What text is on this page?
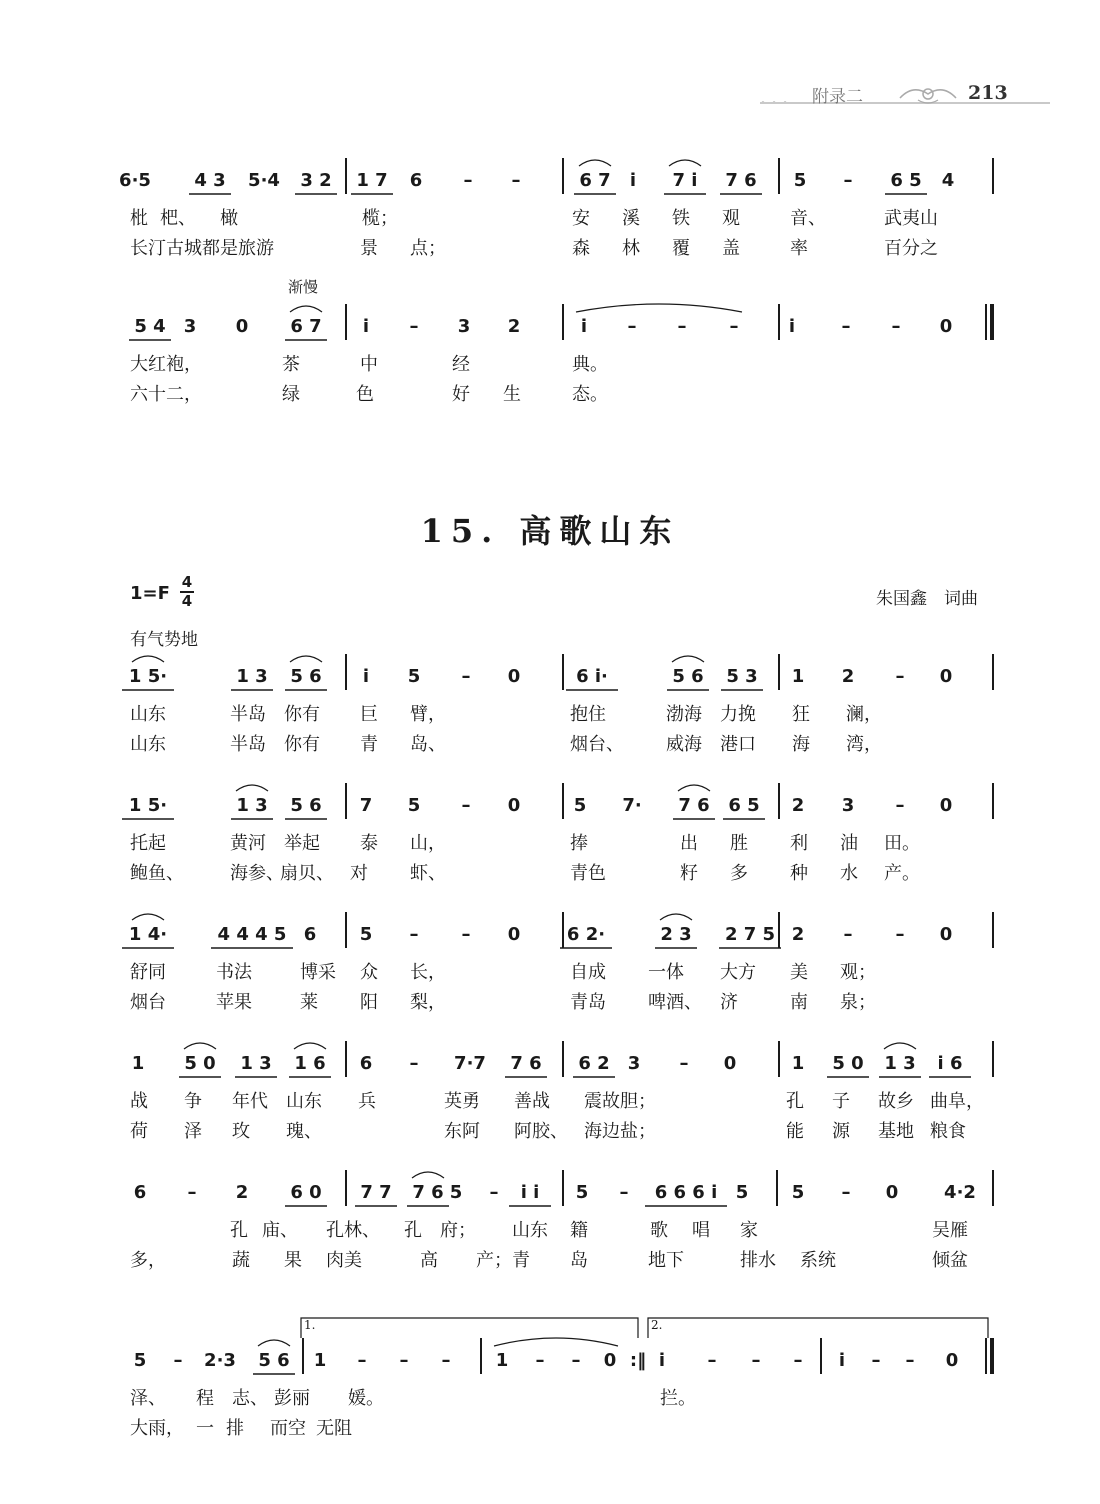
附录二	213
15. 高歌山东
1=F
4
4	朱国鑫　词曲
有气势地
6·5 4 3 5·4 3 2 1 7 6 – –	6 7 i 7 i 7 6 5 – 6 5 4
枇 杷、 橄	榄；	安 溪 铁 观	音、	武夷山
长汀古城都是旅游	景 点；	森 林 覆 盖	率	百分之
5 4 3 0 6 7 i – 3 2	i – – –	i	– – 0
大红袍，	茶	中	经	典。
六十二，	绿	色	好 生	态。
渐慢
1 5·	1 3 5 6 i 5 – 0	6 i·	5 6 5 3 1 2 – 0
山东	半岛 你有 巨 臂，	抱住	渤海 力挽 狂 澜，
山东	半岛 你有 青 岛、	烟台、 威海 港口 海 湾，
1 5·	1 3 5 6 7 5 – 0	5 7· 7 6 6 5 2 3 – 0
托起	黄河 举起 泰 山，	捧	出 胜 利 油 田。
鲍鱼、	海参、
扇贝、 对 虾、	青色	籽 多 种 水 产。
1 4·	4 4 4 5 6 5 – – 0	6 2·	2 3 2 7 5 2 – – 0
舒同	书法	博采 众 长，	自成 一体 大方 美 观；
烟台	苹果	莱 阳 梨，	青岛 啤酒、 济	南 泉；
1 5 0 1 3 1 6 6 – 7·7 7 6 6 2 3 – 0	1 5 0 1 3 i 6
战 争 年代 山东 兵	英勇 善战 震故胆；	孔 子 故乡 曲阜，
荷 泽 玫 瑰、	东阿 阿胶、 海边盐；	能 源 基地 粮食
6 – 2 6 0 7 7 7 6 5 – i i 5 – 6 6 6 i 5 5 – 0	4·2
孔 庙、 孔林、 孔 府； 山东 籍	歌 唱 家	吴雁
多，	蔬 果 肉美	高 产； 青 岛	地下	排水 系统	倾盆
5 – 2·3 5 6 1 – – –	1 – – 0 :‖ i – – – i – – 0
泽、 程 志、 彭丽 媛。	拦。
大雨， 一 排 而空 无阻
1.	2.
